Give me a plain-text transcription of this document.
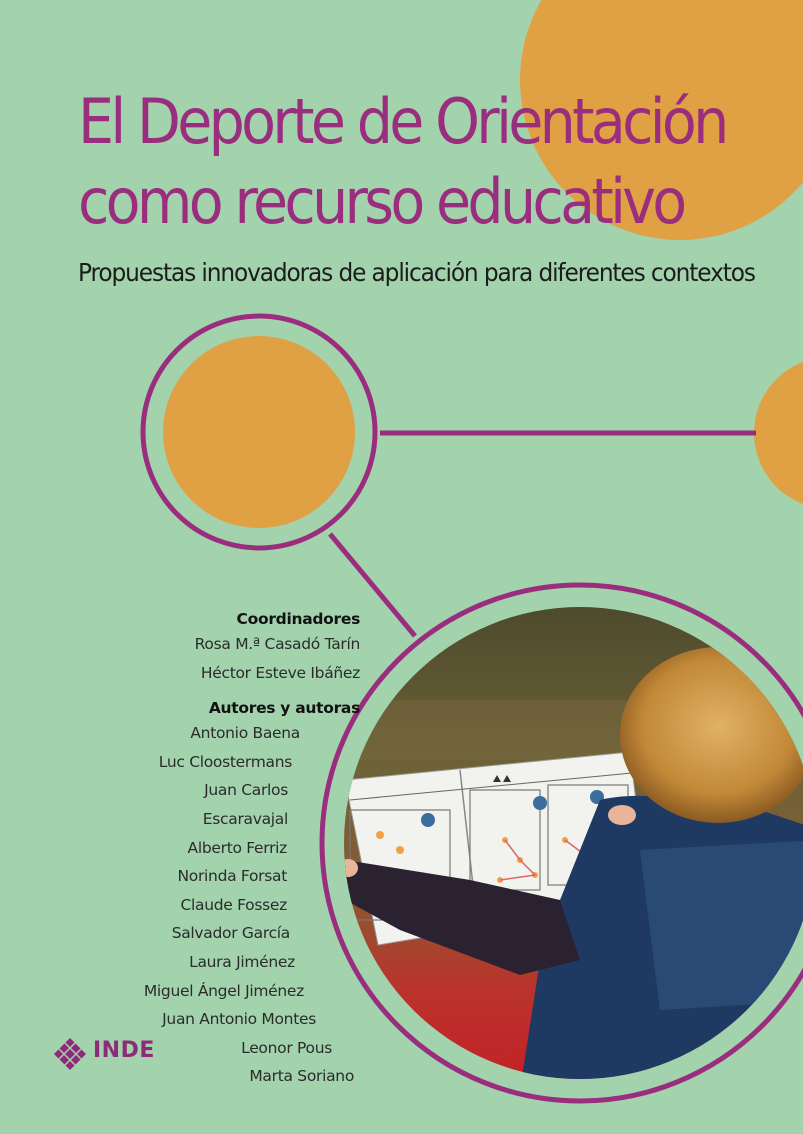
El Deporte de Orientación
como recurso educativo
Propuestas innovadoras de aplicación para diferentes contextos
Coordinadores
Rosa M.ª Casadó Tarín
Héctor Esteve Ibáñez
Autores y autoras
Antonio Baena
Luc Cloostermans
Juan Carlos Escaravajal
Alberto Ferriz
Norinda Forsat
Claude Fossez
Salvador García
Laura Jiménez
Miguel Ángel Jiménez
Juan Antonio Montes
Leonor Pous
Marta Soriano
INDE
